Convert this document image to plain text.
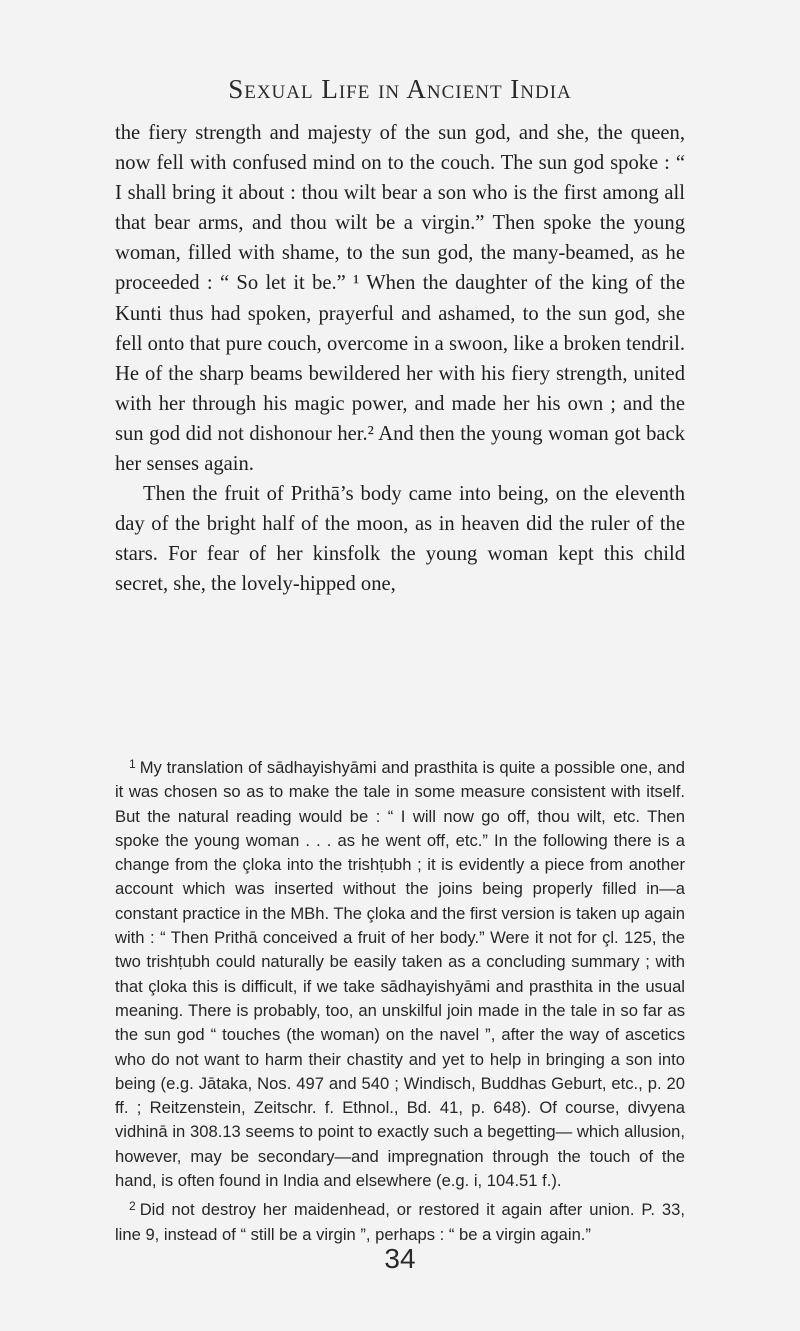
Sexual Life in Ancient India

the fiery strength and majesty of the sun god, and she, the queen, now fell with confused mind on to the couch. The sun god spoke : “ I shall bring it about : thou wilt bear a son who is the first among all that bear arms, and thou wilt be a virgin.” Then spoke the young woman, filled with shame, to the sun god, the many-beamed, as he proceeded : “ So let it be.” ¹ When the daughter of the king of the Kunti thus had spoken, prayerful and ashamed, to the sun god, she fell onto that pure couch, overcome in a swoon, like a broken tendril. He of the sharp beams bewildered her with his fiery strength, united with her through his magic power, and made her his own ; and the sun god did not dishonour her.² And then the young woman got back her senses again.

Then the fruit of Prithā’s body came into being, on the eleventh day of the bright half of the moon, as in heaven did the ruler of the stars. For fear of her kinsfolk the young woman kept this child secret, she, the lovely-hipped one,

$^1$ My translation of sādhayishyāmi and prasthita is quite a possible one, and it was chosen so as to make the tale in some measure consistent with itself. But the natural reading would be : “ I will now go off, thou wilt, etc. Then spoke the young woman . . . as he went off, etc.” In the following there is a change from the çloka into the trishṭubh ; it is evidently a piece from another account which was inserted without the joins being properly filled in—a constant practice in the MBh. The çloka and the first version is taken up again with : “ Then Prithā conceived a fruit of her body.” Were it not for çl. 125, the two trishṭubh could naturally be easily taken as a concluding summary ; with that çloka this is difficult, if we take sādhayishyāmi and prasthita in the usual meaning. There is probably, too, an unskilful join made in the tale in so far as the sun god “ touches (the woman) on the navel ”, after the way of ascetics who do not want to harm their chastity and yet to help in bringing a son into being (e.g. Jātaka, Nos. 497 and 540 ; Windisch, Buddhas Geburt, etc., p. 20 ff. ; Reitzenstein, Zeitschr. f. Ethnol., Bd. 41, p. 648). Of course, divyena vidhinā in 308.13 seems to point to exactly such a begetting— which allusion, however, may be secondary—and impregnation through the touch of the hand, is often found in India and elsewhere (e.g. i, 104.51 f.).

$^2$ Did not destroy her maidenhead, or restored it again after union. P. 33, line 9, instead of “ still be a virgin ”, perhaps : “ be a virgin again.”

34
